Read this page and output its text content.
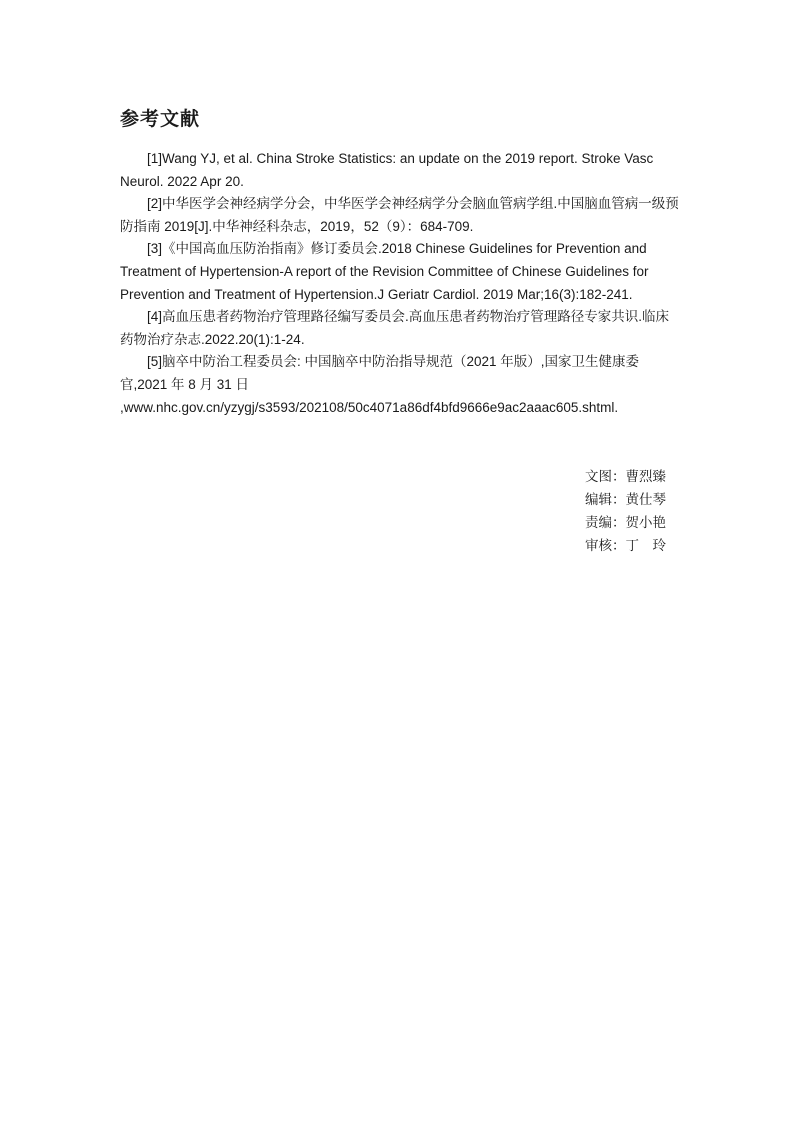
参考文献

[1]Wang YJ, et al. China Stroke Statistics: an update on the 2019 report. Stroke Vasc Neurol. 2022 Apr 20.

[2]中华医学会神经病学分会，中华医学会神经病学分会脑血管病学组.中国脑血管病一级预防指南 2019[J].中华神经科杂志，2019，52（9）：684-709.

[3]《中国高血压防治指南》修订委员会.2018 Chinese Guidelines for Prevention and Treatment of Hypertension-A report of the Revision Committee of Chinese Guidelines for Prevention and Treatment of Hypertension.J Geriatr Cardiol. 2019 Mar;16(3):182-241.

[4]高血压患者药物治疗管理路径编写委员会.高血压患者药物治疗管理路径专家共识.临床药物治疗杂志.2022.20(1):1-24.

[5]脑卒中防治工程委员会: 中国脑卒中防治指导规范（2021 年版）,国家卫生健康委官,2021 年 8 月 31 日

,www.nhc.gov.cn/yzygj/s3593/202108/50c4071a86df4bfd9666e9ac2aaac605.shtml.

文图：曹烈臻
编辑：黄仕琴
责编：贺小艳
审核：丁　玲
